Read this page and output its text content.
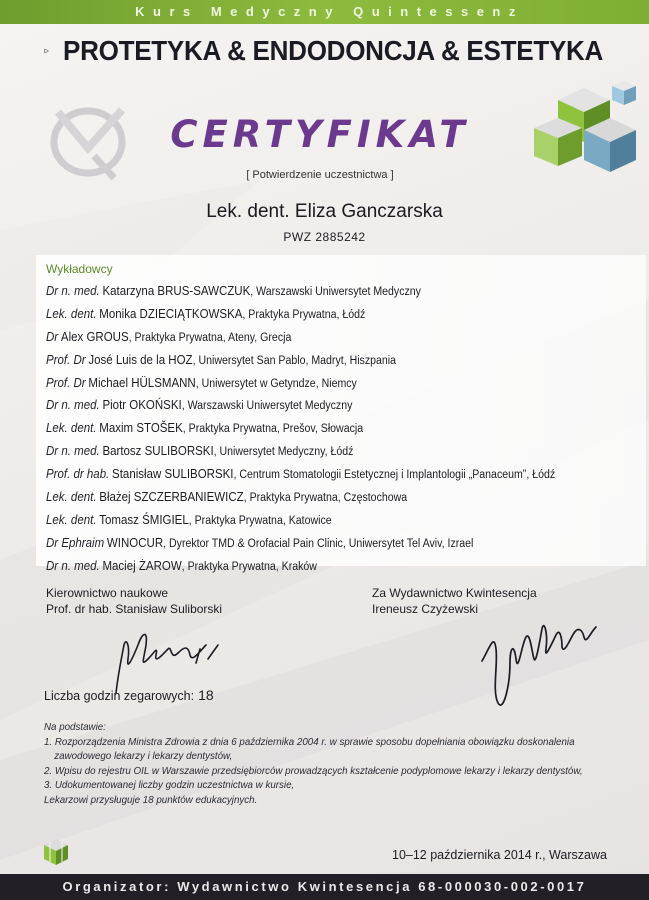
Kurs Medyczny Quintessenz
PROTETYKA & ENDODONCJA & ESTETYKA
CERTYFIKAT
[ Potwierdzenie uczestnictwa ]
Lek. dent. Eliza Ganczarska
PWZ 2885242
Wykładowcy
Dr n. med. Katarzyna BRUS-SAWCZUK, Warszawski Uniwersytet Medyczny
Lek. dent. Monika DZIECIĄTKOWSKA, Praktyka Prywatna, Łódź
Dr Alex GROUS, Praktyka Prywatna, Ateny, Grecja
Prof. Dr José Luis de la HOZ, Uniwersytet San Pablo, Madryt, Hiszpania
Prof. Dr Michael HÜLSMANN, Uniwersytet w Getyndze, Niemcy
Dr n. med. Piotr OKOŃSKI, Warszawski Uniwersytet Medyczny
Lek. dent. Maxim STOŠEK, Praktyka Prywatna, Prešov, Słowacja
Dr n. med. Bartosz SULIBORSKI, Uniwersytet Medyczny, Łódź
Prof. dr hab. Stanisław SULIBORSKI, Centrum Stomatologii Estetycznej i Implantologii „Panaceum”, Łódź
Lek. dent. Błażej SZCZERBANIEWICZ, Praktyka Prywatna, Częstochowa
Lek. dent. Tomasz ŚMIGIEL, Praktyka Prywatna, Katowice
Dr Ephraim WINOCUR, Dyrektor TMD & Orofacial Pain Clinic, Uniwersytet Tel Aviv, Izrael
Dr n. med. Maciej ŻAROW, Praktyka Prywatna, Kraków
Kierownictwo naukowe
Prof. dr hab. Stanisław Suliborski
Za Wydawnictwo Kwintesencja
Ireneusz Czyżewski
Liczba godzin zegarowych: 18
Na podstawie:
1. Rozporządzenia Ministra Zdrowia z dnia 6 października 2004 r. w sprawie sposobu dopełniania obowiązku doskonalenia
zawodowego lekarzy i lekarzy dentystów,
2. Wpisu do rejestru OIL w Warszawie przedsiębiorców prowadzących kształcenie podyplomowe lekarzy i lekarzy dentystów,
3. Udokumentowanej liczby godzin uczestnictwa w kursie,
Lekarzowi przysługuje 18 punktów edukacyjnych.
10–12 października 2014 r., Warszawa
Organizator: Wydawnictwo Kwintesencja 68-000030-002-0017
